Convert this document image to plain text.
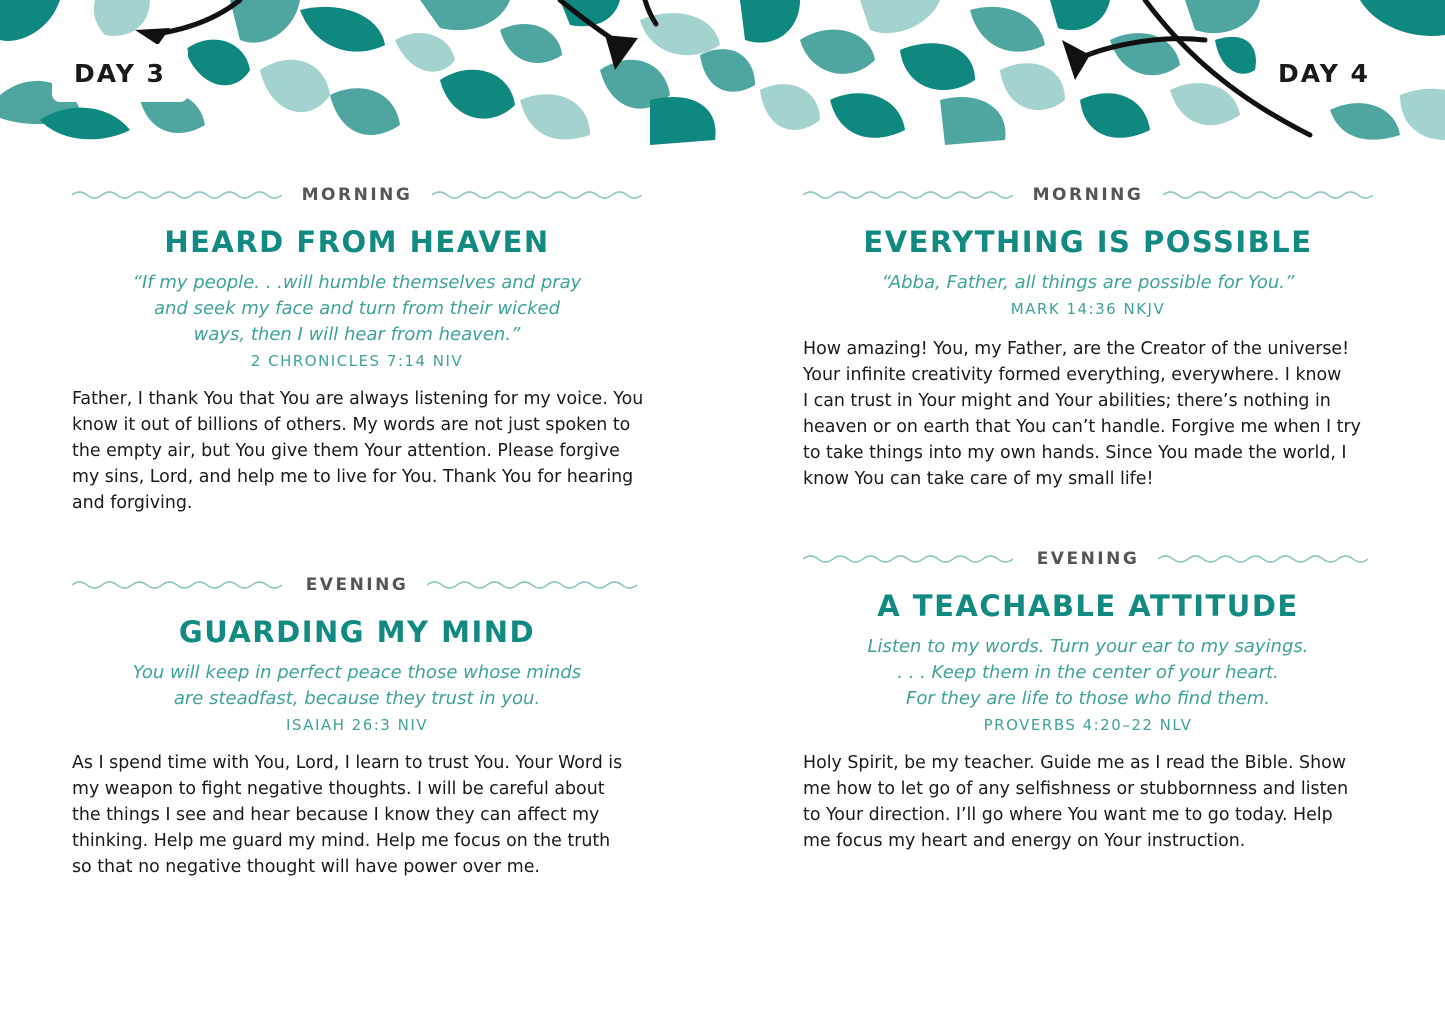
DAY 3	DAY 4
MORNING
HEARD FROM HEAVEN
“If my people. . .will humble themselves and pray
and seek my face and turn from their wicked
ways, then I will hear from heaven.”
2 CHRONICLES 7:14 NIV
Father, I thank You that You are always listening for my voice. You
know it out of billions of others. My words are not just spoken to
the empty air, but You give them Your attention. Please forgive
my sins, Lord, and help me to live for You. Thank You for hearing
and forgiving.
EVENING
GUARDING MY MIND
You will keep in perfect peace those whose minds
are steadfast, because they trust in you.
ISAIAH 26:3 NIV
As I spend time with You, Lord, I learn to trust You. Your Word is
my weapon to fight negative thoughts. I will be careful about
the things I see and hear because I know they can affect my
thinking. Help me guard my mind. Help me focus on the truth
so that no negative thought will have power over me.
MORNING
EVERYTHING IS POSSIBLE
“Abba, Father, all things are possible for You.”
MARK 14:36 NKJV
How amazing! You, my Father, are the Creator of the universe!
Your infinite creativity formed everything, everywhere. I know
I can trust in Your might and Your abilities; there’s nothing in
heaven or on earth that You can’t handle. Forgive me when I try
to take things into my own hands. Since You made the world, I
know You can take care of my small life!
EVENING
A TEACHABLE ATTITUDE
Listen to my words. Turn your ear to my sayings.
. . . Keep them in the center of your heart.
For they are life to those who find them.
PROVERBS 4:20–22 NLV
Holy Spirit, be my teacher. Guide me as I read the Bible. Show
me how to let go of any selfishness or stubbornness and listen
to Your direction. I’ll go where You want me to go today. Help
me focus my heart and energy on Your instruction.
